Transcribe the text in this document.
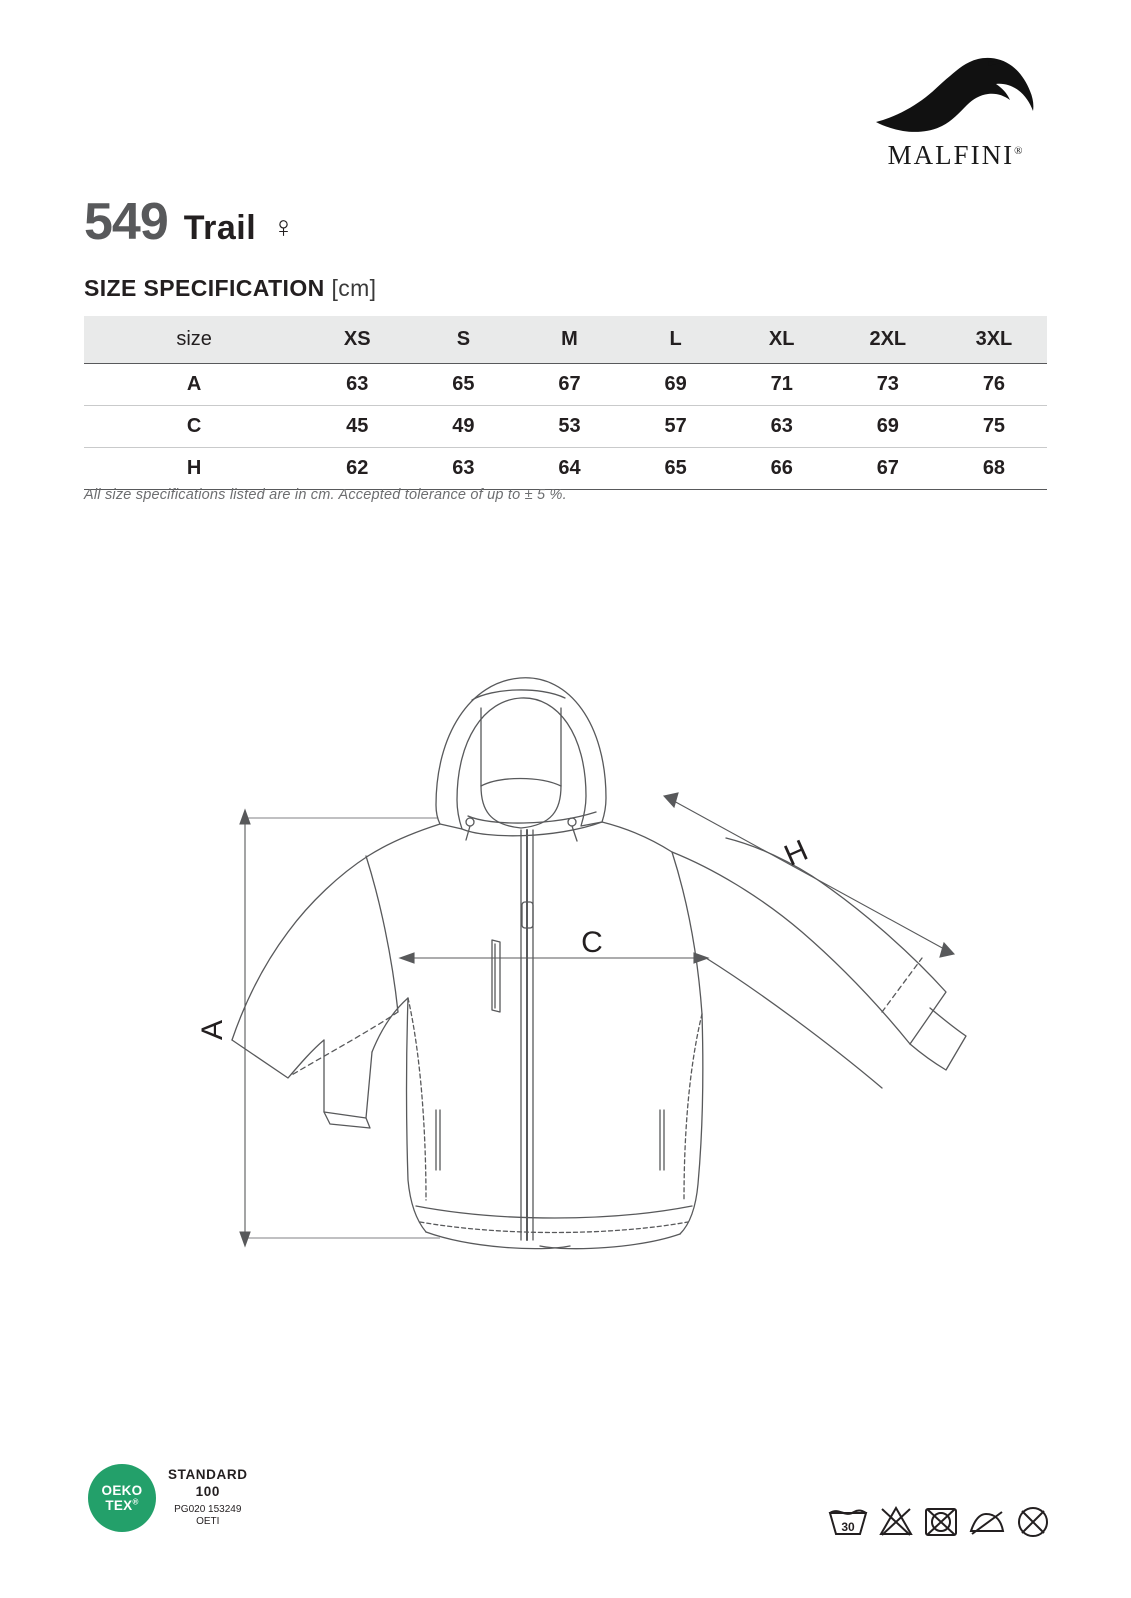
MALFINI®
549 Trail ♀
SIZE SPECIFICATION [cm]
size	XS	S	M	L	XL	2XL	3XL
A	63	65	67	69	71	73	76
C	45	49	53	57	63	69	75
H	62	63	64	65	66	67	68
All size specifications listed are in cm. Accepted tolerance of up to ± 5 %.
A
C
H
OEKO
TEX®
STANDARD
100
PG020 153249
OETI	30
